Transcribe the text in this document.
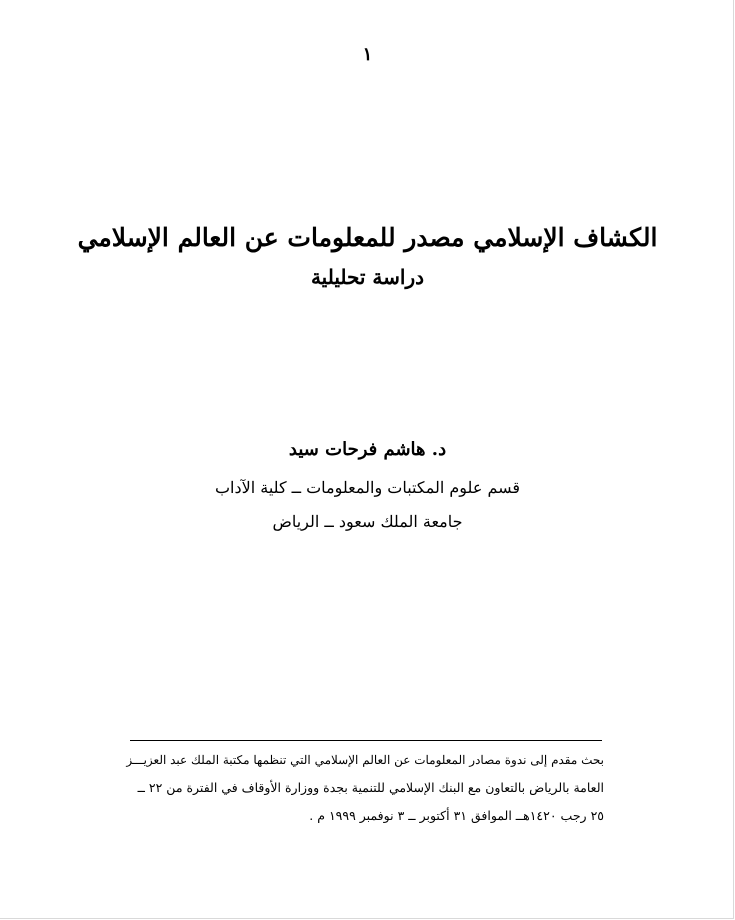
١
الكشاف الإسلامي مصدر للمعلومات عن العالم الإسلامي
دراسة تحليلية
د. هاشم فرحات سيد
قسم علوم المكتبات والمعلومات ــ كلية الآداب
جامعة الملك سعود ــ الرياض
بحث مقدم إلى ندوة مصادر المعلومات عن العالم الإسلامي التي تنظمها مكتبة الملك عبد العزيـــز
العامة بالرياض بالتعاون مع البنك الإسلامي للتنمية بجدة ووزارة الأوقاف في الفترة من ٢٢ ــ
٢٥ رجب ١٤٢٠هــ الموافق ٣١ أكتوبر ــ ٣ نوفمبر ١٩٩٩ م .
